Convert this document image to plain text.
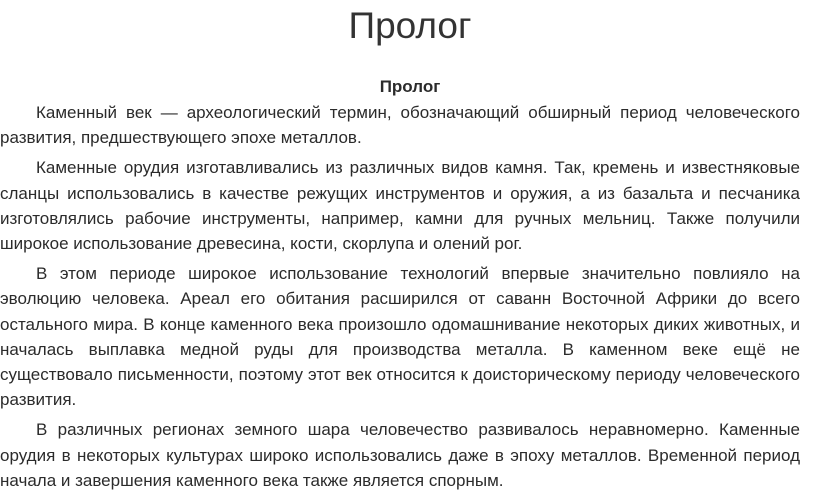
Пролог
Пролог

Каменный век — археологический термин, обозначающий обширный период человеческого развития, предшествующего эпохе металлов.

Каменные орудия изготавливались из различных видов камня. Так, кремень и известняковые сланцы использовались в качестве режущих инструментов и оружия, а из базальта и песчаника изготовлялись рабочие инструменты, например, камни для ручных мельниц. Также получили широкое использование древесина, кости, скорлупа и олений рог.

В этом периоде широкое использование технологий впервые значительно повлияло на эволюцию человека. Ареал его обитания расширился от саванн Восточной Африки до всего остального мира. В конце каменного века произошло одомашнивание некоторых диких животных, и началась выплавка медной руды для производства металла. В каменном веке ещё не существовало письменности, поэтому этот век относится к доисторическому периоду человеческого развития.

В различных регионах земного шара человечество развивалось неравномерно. Каменные орудия в некоторых культурах широко использовались даже в эпоху металлов. Временной период начала и завершения каменного века также является спорным.
